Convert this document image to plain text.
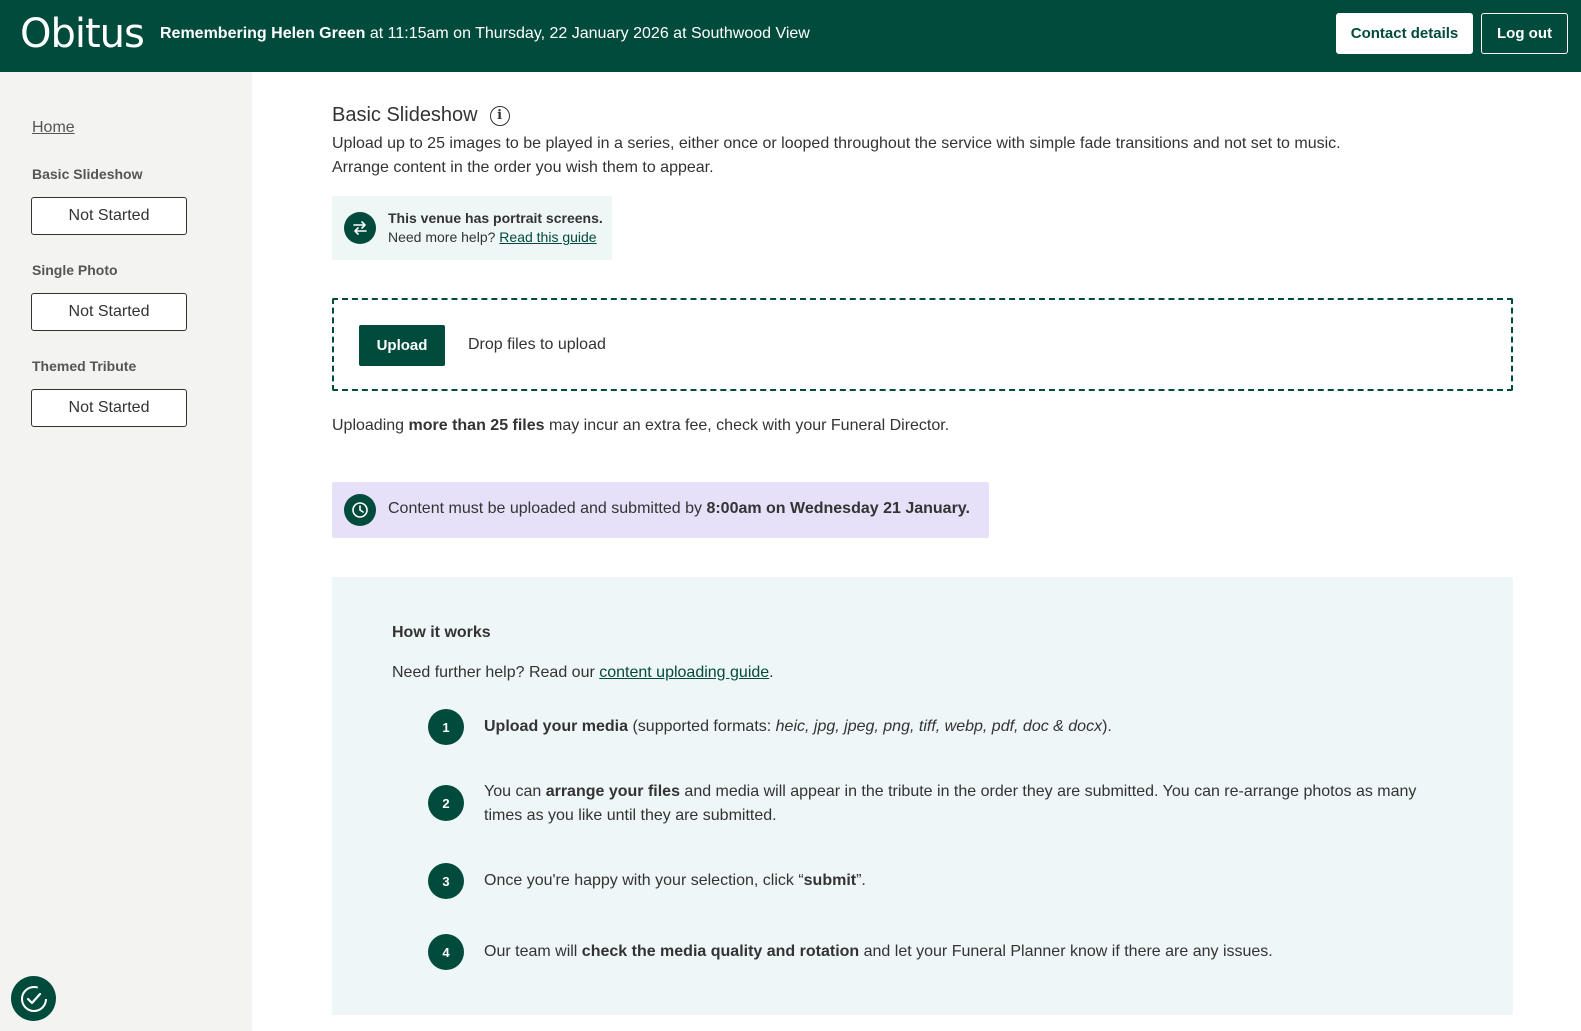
Obitus Remembering Helen Green at 11:15am on Thursday, 22 January 2026 at Southwood View	Contact details	Log out
Home
Basic Slideshow
Not Started
Single Photo
Not Started
Themed Tribute
Not Started
Basic Slideshow	i
Upload up to 25 images to be played in a series, either once or looped throughout the service with simple fade transitions and not set to music.
Arrange content in the order you wish them to appear.
This venue has portrait screens.
Need more help? Read this guide
Upload	Drop files to upload
Uploading more than 25 files may incur an extra fee, check with your Funeral Director.
Content must be uploaded and submitted by 8:00am on Wednesday 21 January.
How it works
Need further help? Read our content uploading guide.
1	Upload your media (supported formats: heic, jpg, jpeg, png, tiff, webp, pdf, doc & docx).
2
You can arrange your files and media will appear in the tribute in the order they are submitted. You can re-arrange photos as many times as you like until they are submitted.
3	Once you're happy with your selection, click “submit”.
4	Our team will check the media quality and rotation and let your Funeral Planner know if there are any issues.
